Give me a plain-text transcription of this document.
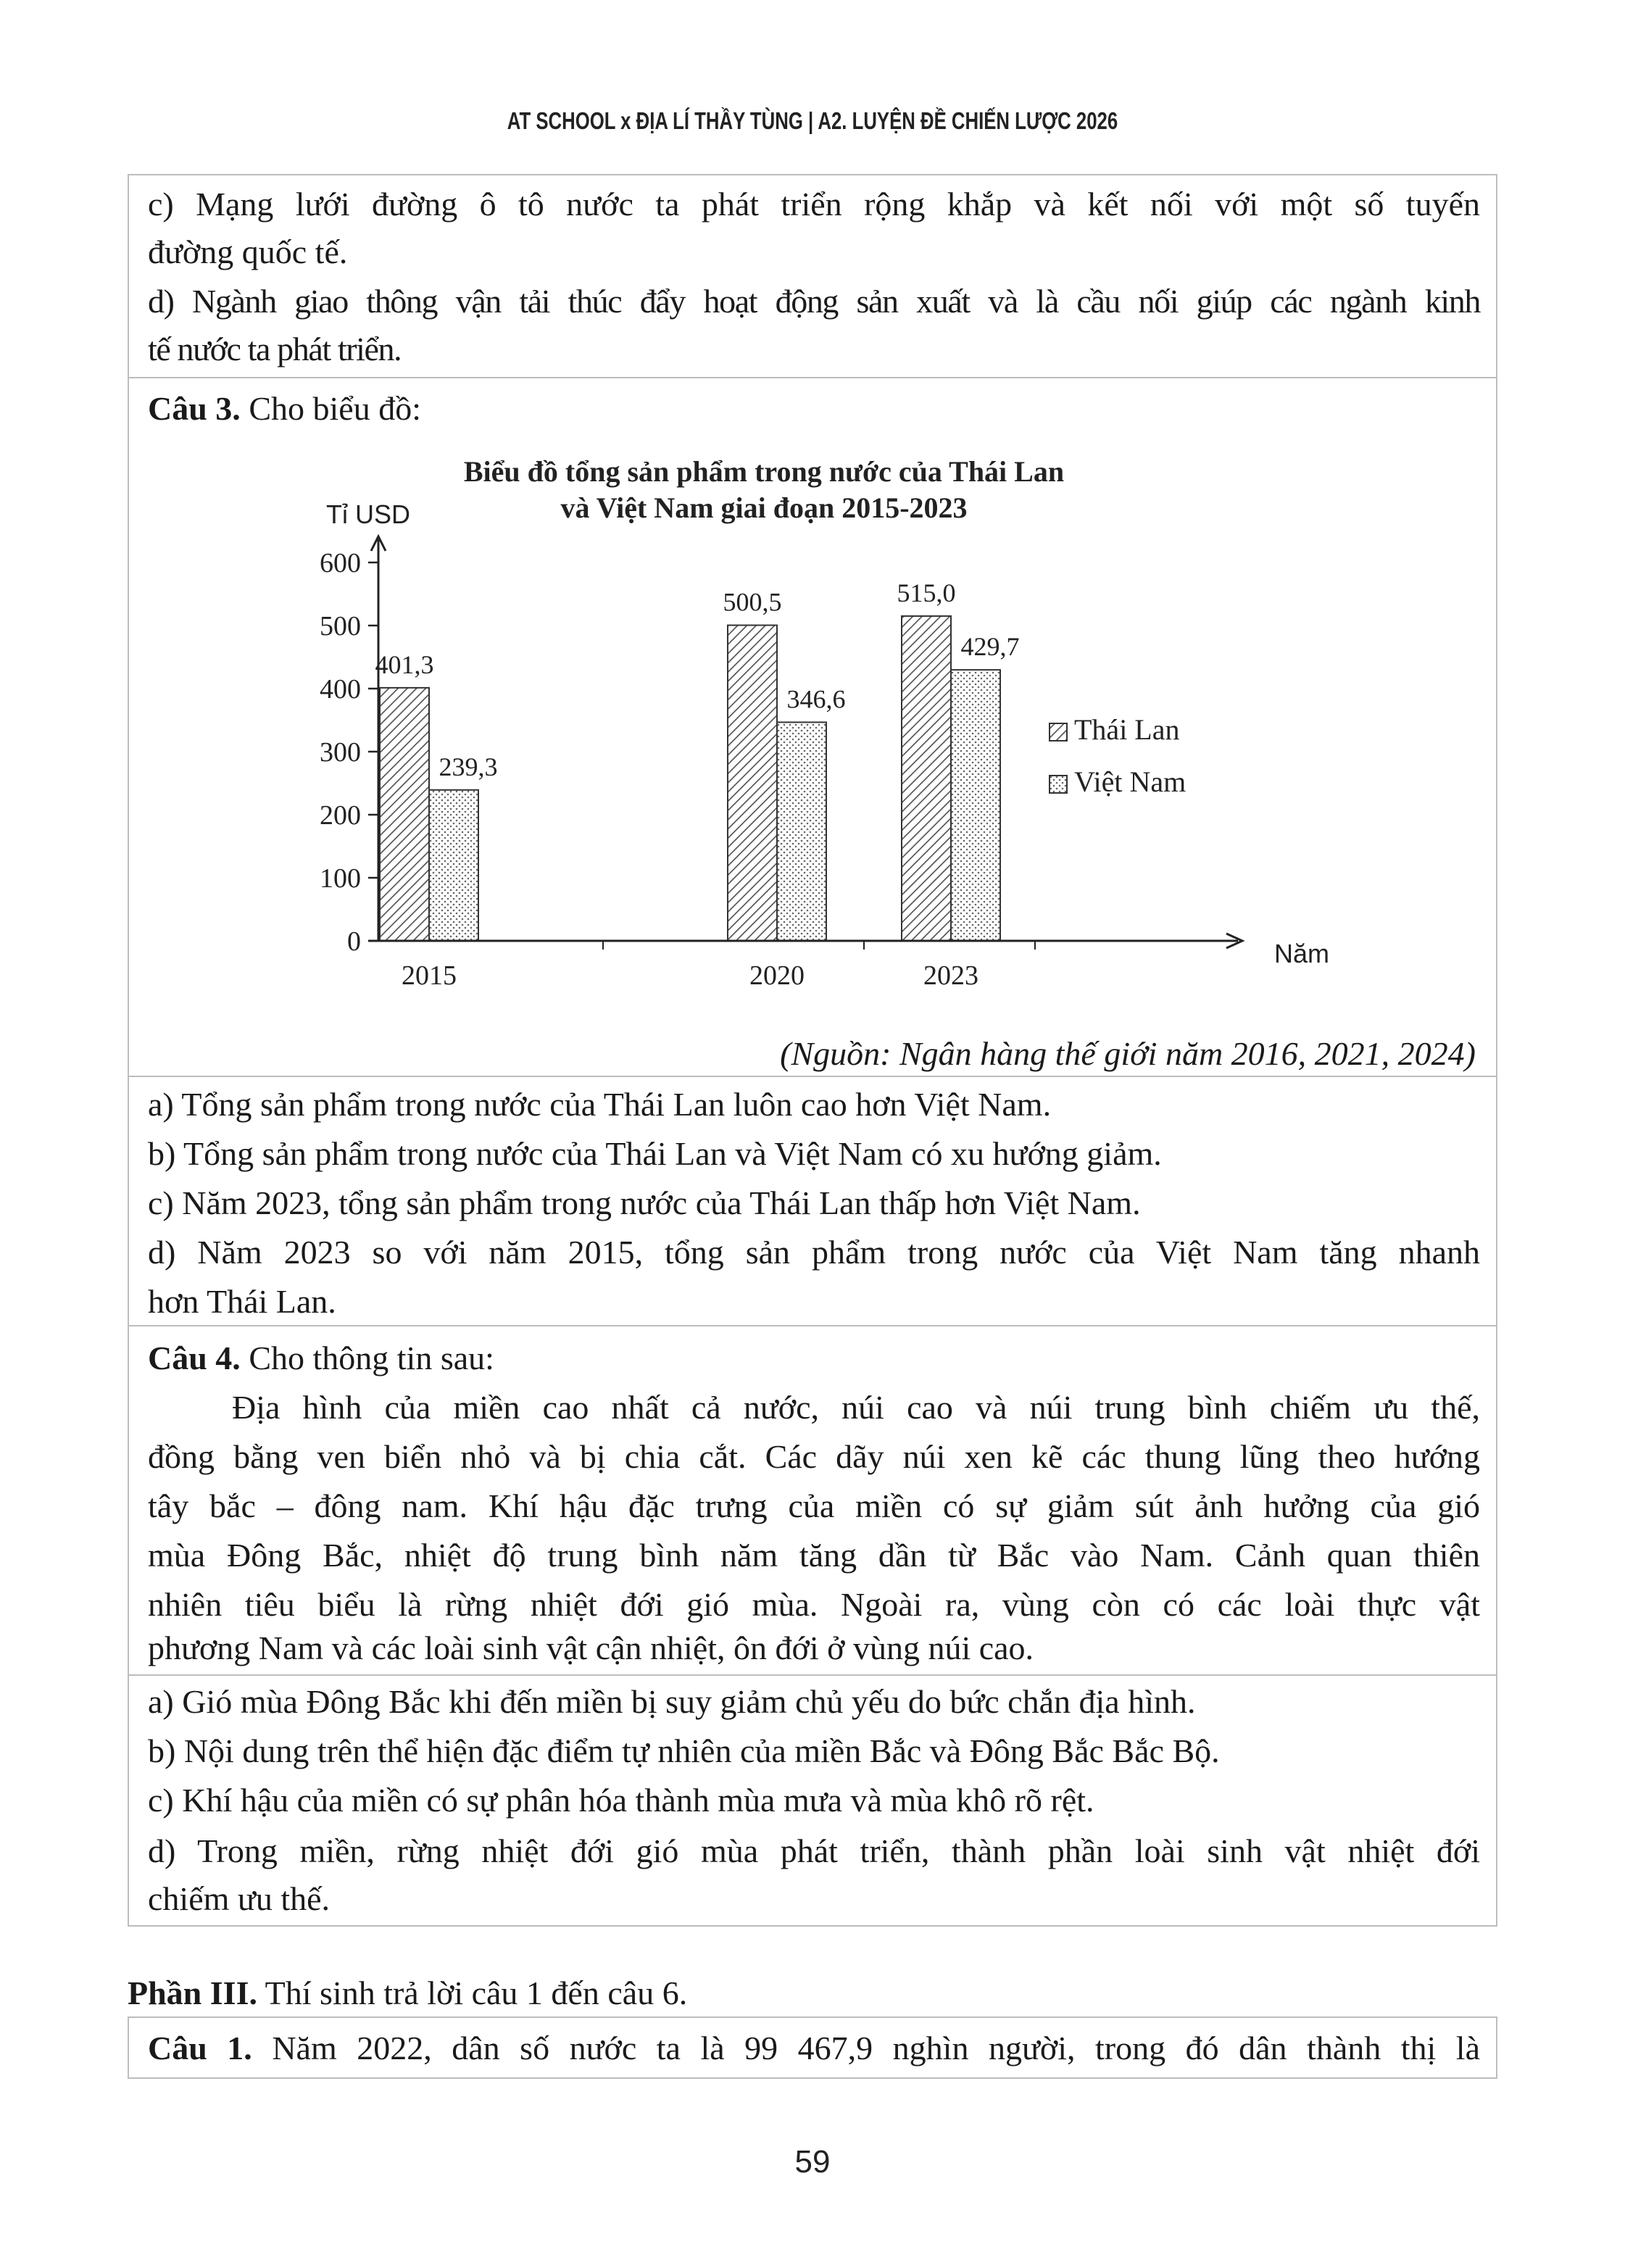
AT SCHOOL x ĐỊA LÍ THẦY TÙNG | A2. LUYỆN ĐỀ CHIẾN LƯỢC 2026
c) Mạng lưới đường ô tô nước ta phát triển rộng khắp và kết nối với một số tuyến
đường quốc tế.
d) Ngành giao thông vận tải thúc đẩy hoạt động sản xuất và là cầu nối giúp các ngành kinh
tế nước ta phát triển.
Câu 3. Cho biểu đồ:
Biểu đồ tổng sản phẩm trong nước của Thái Lan
và Việt Nam giai đoạn 2015-2023
Tỉ USD
Năm
0
100
200
300
400
500
600
401,3
239,3
2015
500,5
346,6
2020
515,0
429,7
2023
Thái Lan
Việt Nam
(Nguồn: Ngân hàng thế giới năm 2016, 2021, 2024)
a) Tổng sản phẩm trong nước của Thái Lan luôn cao hơn Việt Nam.
b) Tổng sản phẩm trong nước của Thái Lan và Việt Nam có xu hướng giảm.
c) Năm 2023, tổng sản phẩm trong nước của Thái Lan thấp hơn Việt Nam.
d) Năm 2023 so với năm 2015, tổng sản phẩm trong nước của Việt Nam tăng nhanh
hơn Thái Lan.
Câu 4. Cho thông tin sau:
Địa hình của miền cao nhất cả nước, núi cao và núi trung bình chiếm ưu thế,
đồng bằng ven biển nhỏ và bị chia cắt. Các dãy núi xen kẽ các thung lũng theo hướng
tây bắc – đông nam. Khí hậu đặc trưng của miền có sự giảm sút ảnh hưởng của gió
mùa Đông Bắc, nhiệt độ trung bình năm tăng dần từ Bắc vào Nam. Cảnh quan thiên
nhiên tiêu biểu là rừng nhiệt đới gió mùa. Ngoài ra, vùng còn có các loài thực vật
phương Nam và các loài sinh vật cận nhiệt, ôn đới ở vùng núi cao.
a) Gió mùa Đông Bắc khi đến miền bị suy giảm chủ yếu do bức chắn địa hình.
b) Nội dung trên thể hiện đặc điểm tự nhiên của miền Bắc và Đông Bắc Bắc Bộ.
c) Khí hậu của miền có sự phân hóa thành mùa mưa và mùa khô rõ rệt.
d) Trong miền, rừng nhiệt đới gió mùa phát triển, thành phần loài sinh vật nhiệt đới
chiếm ưu thế.
Phần III. Thí sinh trả lời câu 1 đến câu 6.
Câu 1. Năm 2022, dân số nước ta là 99 467,9 nghìn người, trong đó dân thành thị là
59
